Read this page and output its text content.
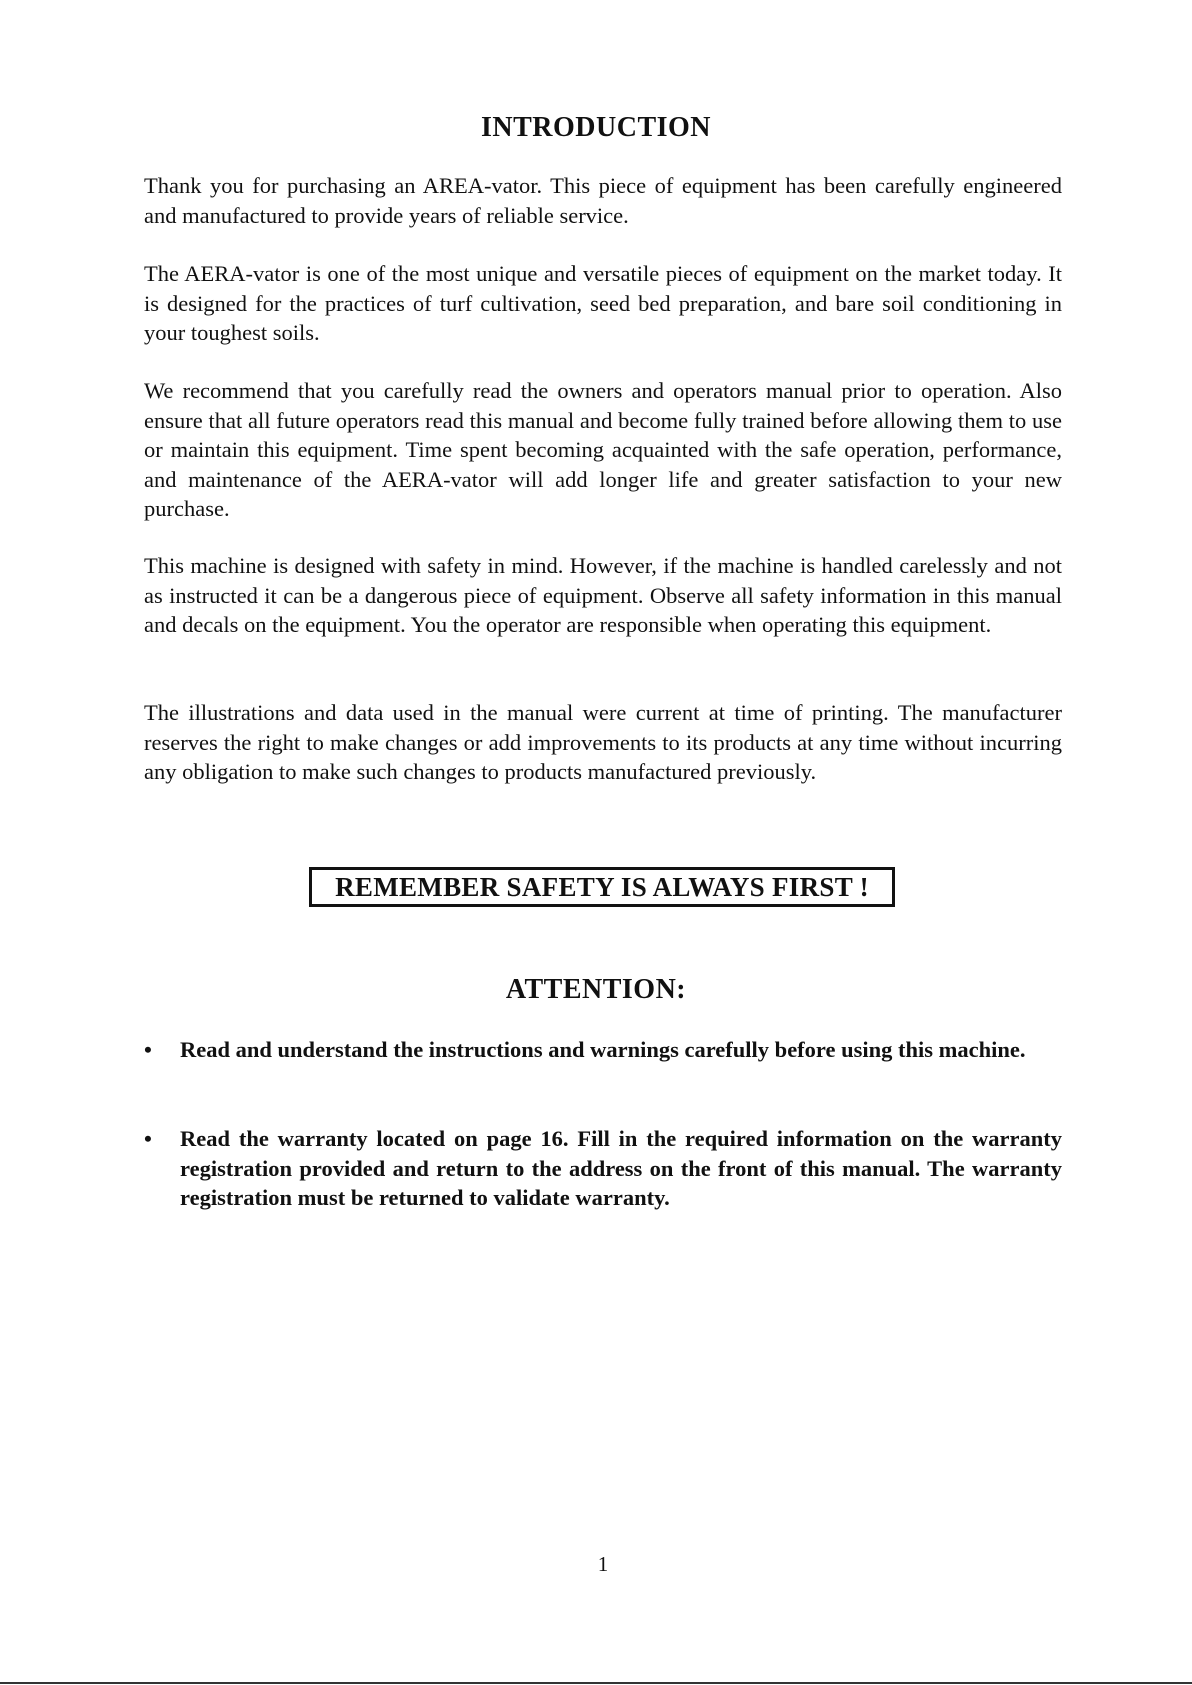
INTRODUCTION

Thank you for purchasing an AREA-vator. This piece of equipment has been carefully engineered and manufactured to provide years of reliable service.

The AERA-vator is one of the most unique and versatile pieces of equipment on the market today. It is designed for the practices of turf cultivation, seed bed preparation, and bare soil conditioning in your toughest soils.

We recommend that you carefully read the owners and operators manual prior to operation. Also ensure that all future operators read this manual and become fully trained before allowing them to use or maintain this equipment. Time spent becoming acquainted with the safe operation, performance, and maintenance of the AERA-vator will add longer life and greater satisfaction to your new purchase.

This machine is designed with safety in mind. However, if the machine is handled carelessly and not as instructed it can be a dangerous piece of equipment. Observe all safety information in this manual and decals on the equipment. You the operator are responsible when operating this equipment.

The illustrations and data used in the manual were current at time of printing. The manufacturer reserves the right to make changes or add improvements to its products at any time without incurring any obligation to make such changes to products manufactured previously.

REMEMBER SAFETY IS ALWAYS FIRST !
ATTENTION:
•	Read and understand the instructions and warnings carefully before using this machine.
•	Read the warranty located on page 16. Fill in the required information on the warranty registration provided and return to the address on the front of this manual. The warranty registration must be returned to validate warranty.
1
